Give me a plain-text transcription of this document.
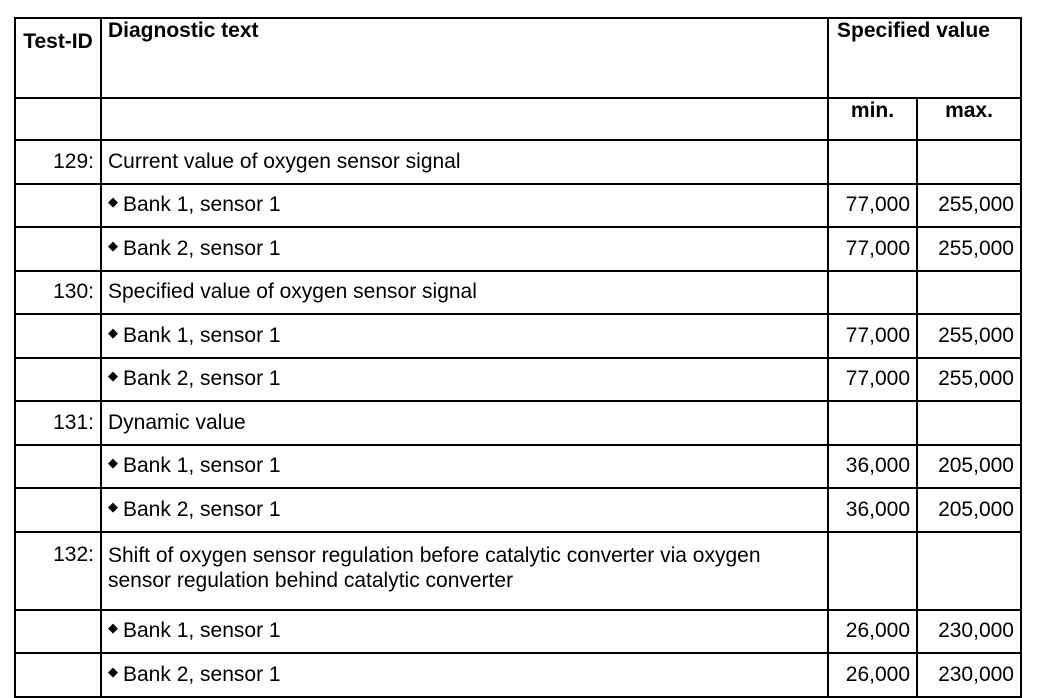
Test-ID	Diagnostic text	Specified value	
		min.	max.
129:	Current value of oxygen sensor signal		
	◆ Bank 1, sensor 1	77,000	255,000
	◆ Bank 2, sensor 1	77,000	255,000
130:	Specified value of oxygen sensor signal		
	◆ Bank 1, sensor 1	77,000	255,000
	◆ Bank 2, sensor 1	77,000	255,000
131:	Dynamic value		
	◆ Bank 1, sensor 1	36,000	205,000
	◆ Bank 2, sensor 1	36,000	205,000
132:	Shift of oxygen sensor regulation before catalytic converter via oxygen sensor regulation behind catalytic converter		
	◆ Bank 1, sensor 1	26,000	230,000
	◆ Bank 2, sensor 1	26,000	230,000
